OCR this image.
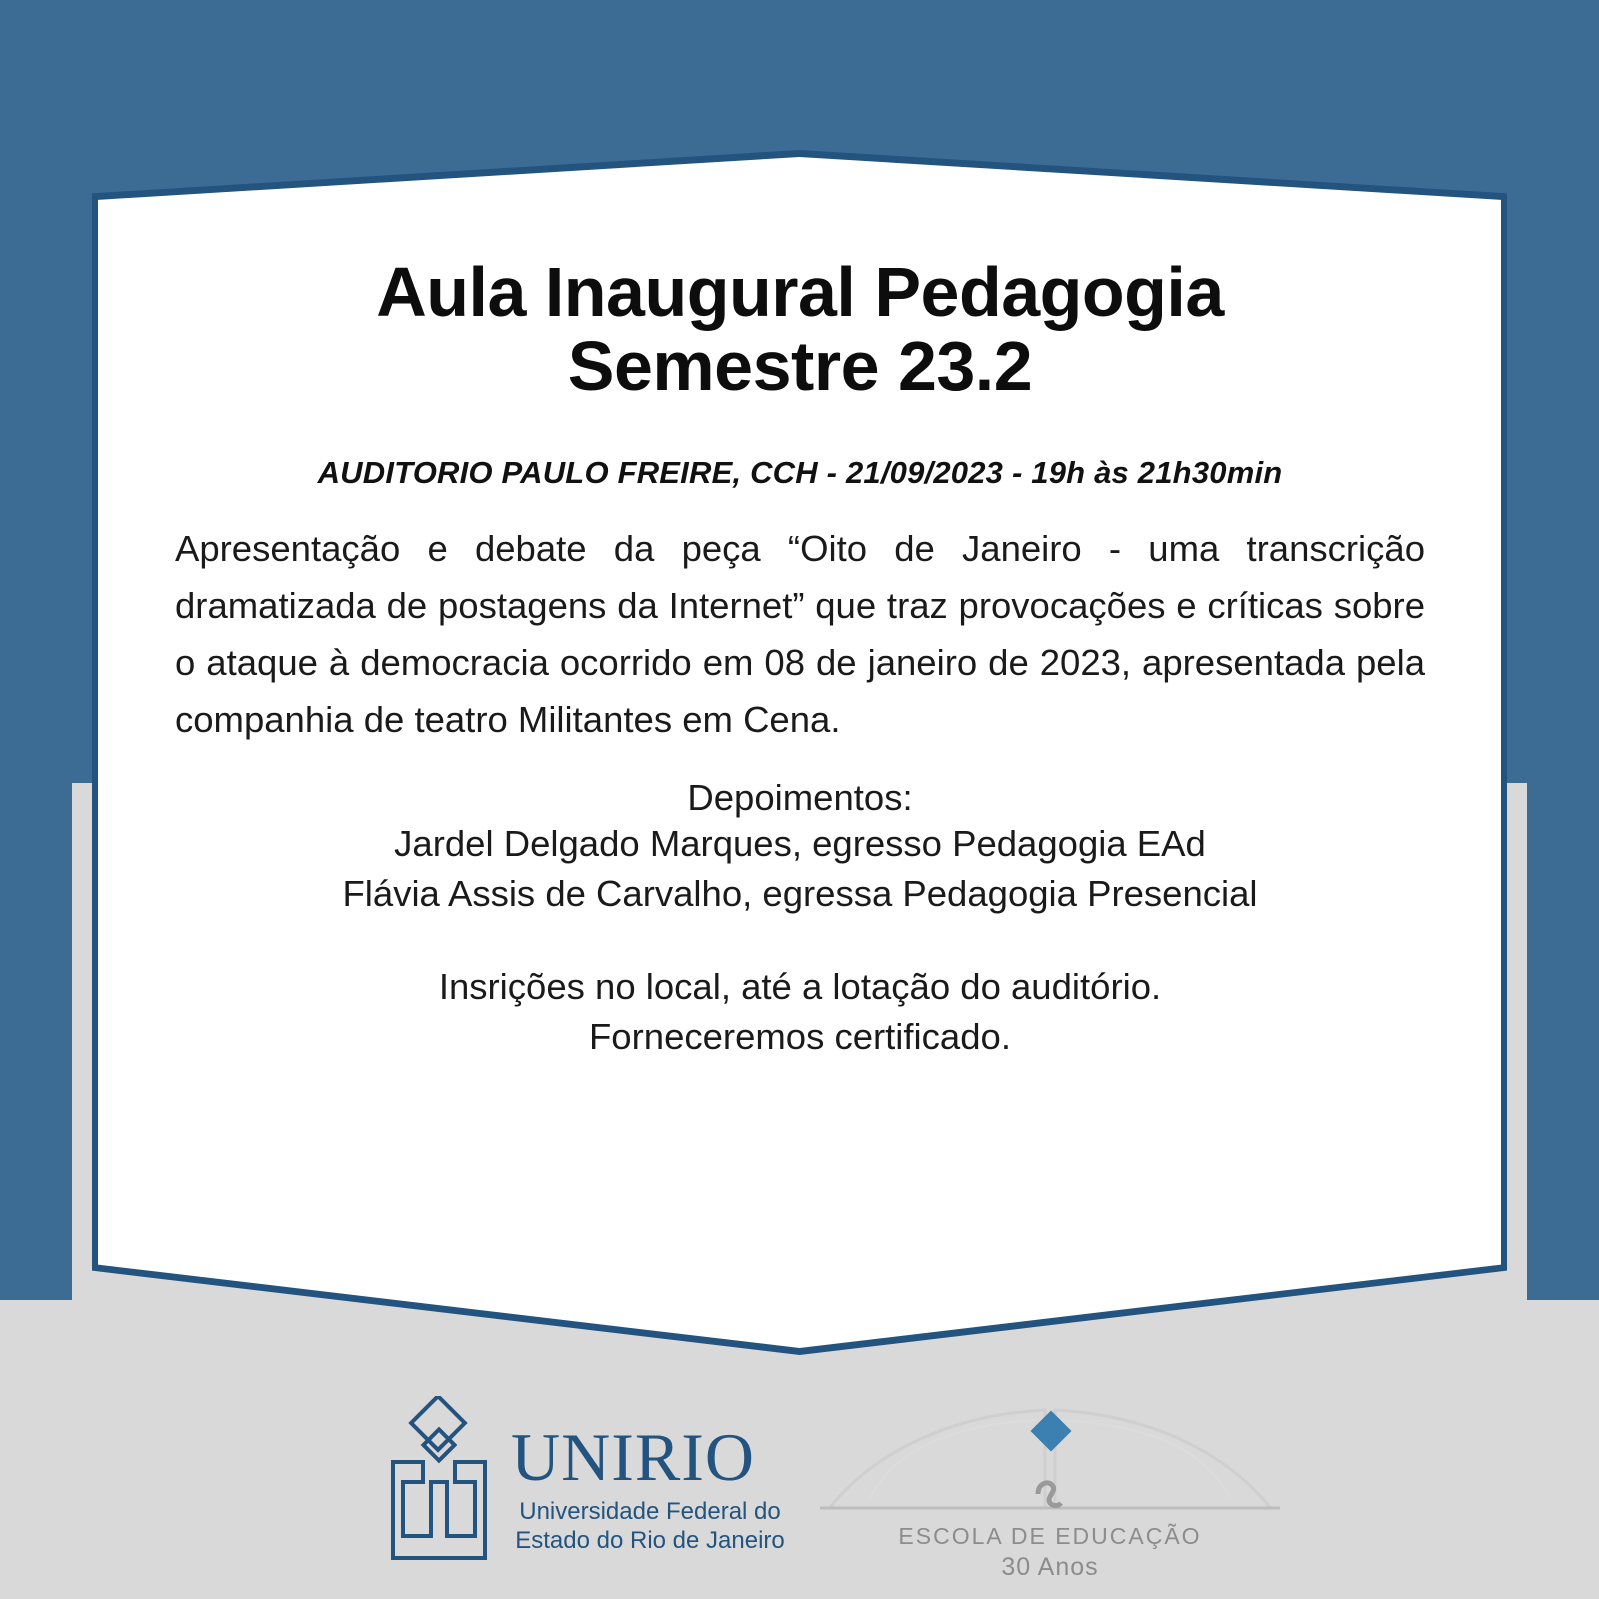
Aula Inaugural Pedagogia
Semestre 23.2
AUDITORIO PAULO FREIRE, CCH - 21/09/2023 - 19h às 21h30min
Apresentação e debate da peça “Oito de Janeiro - uma transcrição dramatizada de postagens da Internet” que traz provocações e críticas sobre o ataque à democracia ocorrido em 08 de janeiro de 2023, apresentada pela companhia de teatro Militantes em Cena.
Depoimentos:
Jardel Delgado Marques, egresso Pedagogia EAd
Flávia Assis de Carvalho, egressa Pedagogia Presencial
Insrições no local, até a lotação do auditório.
Forneceremos certificado.
UNIRIO
Universidade Federal do
Estado do Rio de Janeiro	ESCOLA DE EDUCAÇÃO
30 Anos
